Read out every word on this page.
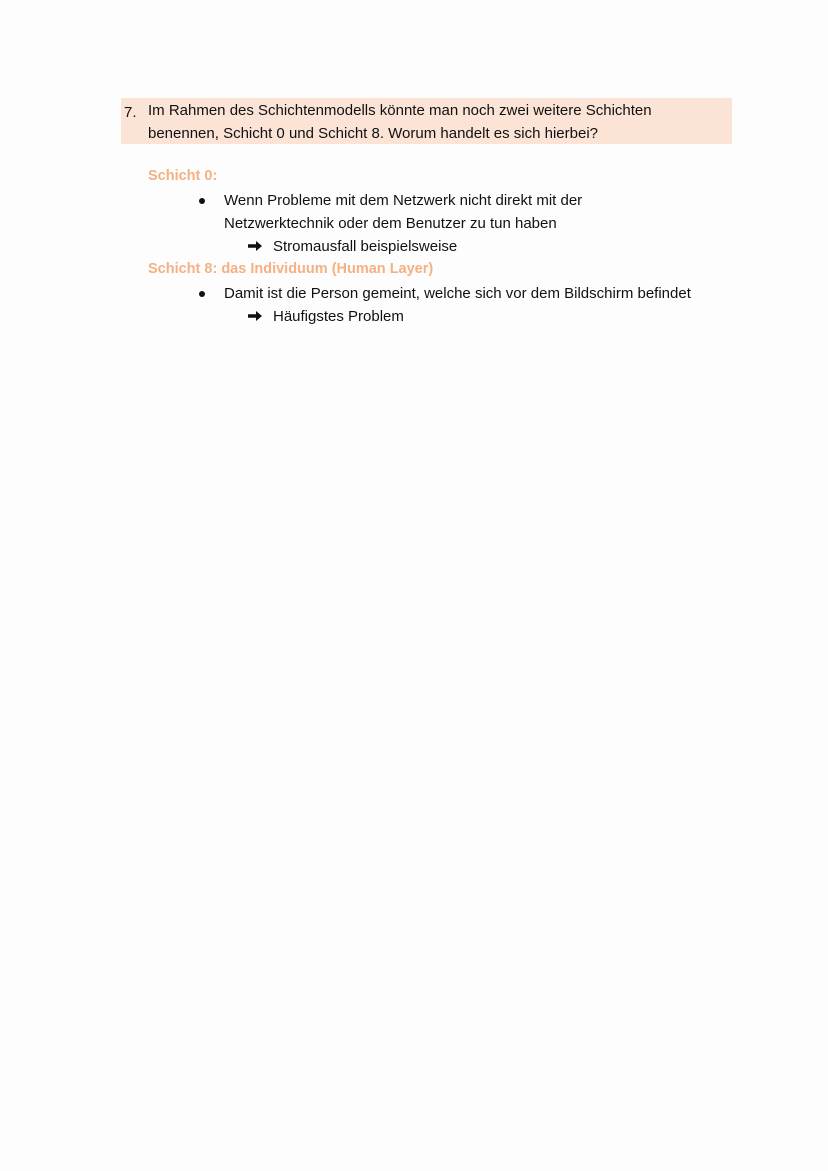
7. Im Rahmen des Schichtenmodells könnte man noch zwei weitere Schichten
benennen, Schicht 0 und Schicht 8. Worum handelt es sich hierbei?
Schicht 0:
Wenn Probleme mit dem Netzwerk nicht direkt mit der
Netzwerktechnik oder dem Benutzer zu tun haben
Stromausfall beispielsweise
Schicht 8: das Individuum (Human Layer)
Damit ist die Person gemeint, welche sich vor dem Bildschirm befindet
Häufigstes Problem
